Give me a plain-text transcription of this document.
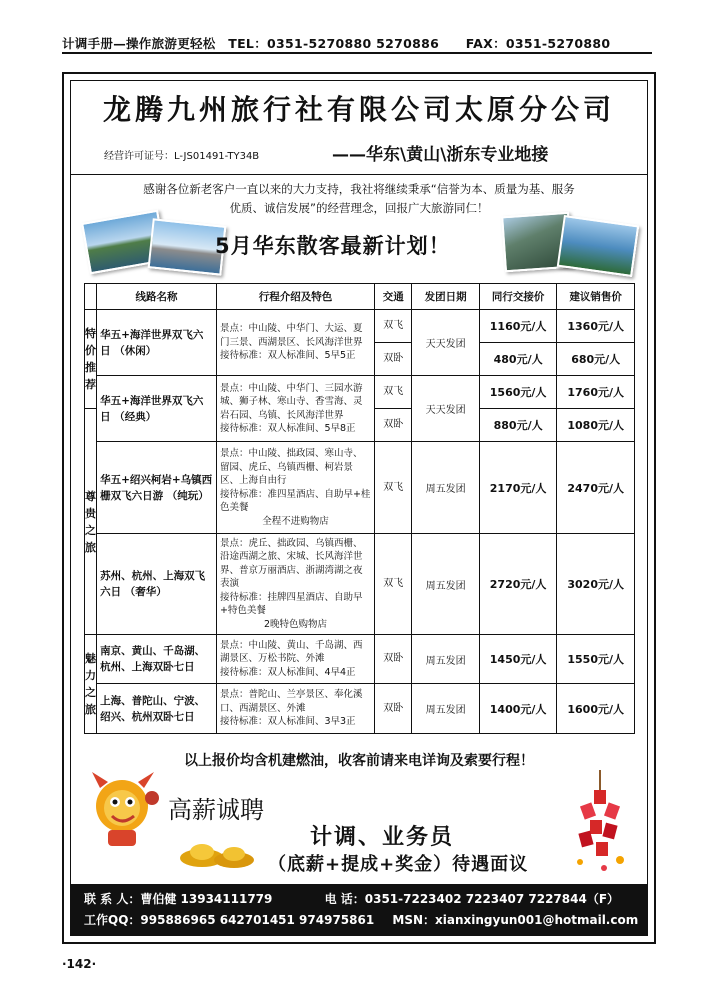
计调手册—操作旅游更轻松 TEL：0351-5270880 5270886 FAX：0351-5270880
龙腾九州旅行社有限公司太原分公司
经营许可证号：L-JS01491-TY34B	——华东\黄山\浙东专业地接
感谢各位新老客户一直以来的大力支持，我社将继续秉承“信誉为本、质量为基、服务
优质、诚信发展”的经营理念，回报广大旅游同仁！
5月华东散客最新计划！
	线路名称	行程介绍及特色	交通	发团日期	同行交接价	建议销售价

特价推荐	华五+海洋世界双飞六日 （休闲）	景点：中山陵、中华门、大运、夏门三景、西湖景区、长风海洋世界
接待标准：双人标准间、5早5正	双飞	天天发团	1160元/人	1360元/人
			双卧		480元/人	680元/人
	华五+海洋世界双飞六日 （经典）	景点：中山陵、中华门、三园水游城、狮子林、寒山寺、香雪海、灵岩石园、乌镇、长风海洋世界
接待标准：双人标准间、5早8正	双飞	天天发团	1560元/人	1760元/人

尊贵之旅			双卧		880元/人	1080元/人
	华五+绍兴柯岩+乌镇西栅双飞六日游 （纯玩）	景点：中山陵、拙政园、寒山寺、留园、虎丘、乌镇西栅、柯岩景区、上海自由行
接待标准：准四星酒店、自助早+桂色美餐
全程不进购物店	双飞	周五发团	2170元/人	2470元/人
	苏州、杭州、上海双飞六日 （奢华）	景点：虎丘、拙政园、乌镇西栅、沿途西湖之旅、宋城、长风海洋世界、普京万丽酒店、浙湖湾湖之夜表演
接待标准：挂牌四星酒店、自助早+特色美餐
2晚特色购物店	双飞	周五发团	2720元/人	3020元/人

魅力之旅	南京、黄山、千岛湖、杭州、上海双卧七日	景点：中山陵、黄山、千岛湖、西湖景区、万松书院、外滩
接待标准：双人标准间、4早4正	双卧	周五发团	1450元/人	1550元/人
	上海、普陀山、宁波、绍兴、杭州双卧七日	景点：普陀山、兰亭景区、奉化溪口、西湖景区、外滩
接待标准：双人标准间、3早3正	双卧	周五发团	1400元/人	1600元/人
以上报价均含机建燃油，收客前请来电详询及索要行程！
高薪诚聘
计调、业务员
（底薪+提成+奖金）待遇面议
联 系 人：曹伯健 13934111779	电 话：0351-7223402 7223407 7227844（F）
工作QQ：995886965 642701451 974975861 MSN：xianxingyun001@hotmail.com
·142·
